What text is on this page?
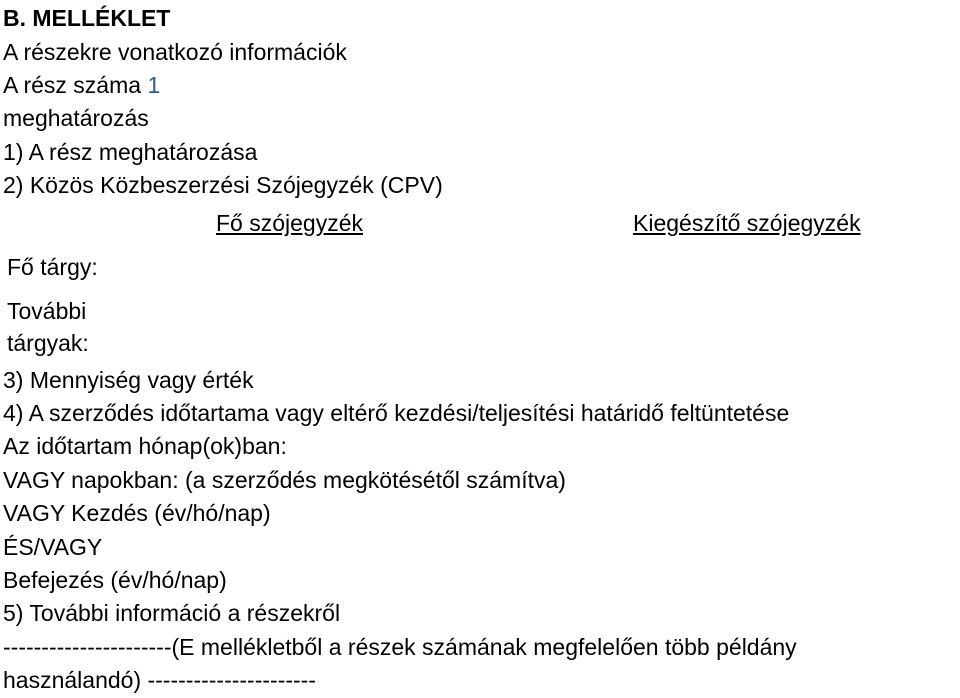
B. MELLÉKLET
A részekre vonatkozó információk
A rész száma 1
meghatározás
1) A rész meghatározása
2) Közös Közbeszerzési Szójegyzék (CPV)
Fő szójegyzék	Kiegészítő szójegyzék
Fő tárgy:
További
tárgyak:
3) Mennyiség vagy érték
4) A szerződés időtartama vagy eltérő kezdési/teljesítési határidő feltüntetése
Az időtartam hónap(ok)ban:
VAGY napokban: (a szerződés megkötésétől számítva)
VAGY Kezdés (év/hó/nap)
ÉS/VAGY
Befejezés (év/hó/nap)
5) További információ a részekről
----------------------(E mellékletből a részek számának megfelelően több példány
használandó) ----------------------
